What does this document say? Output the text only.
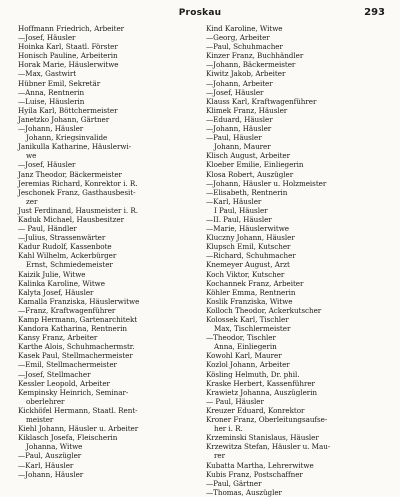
Proskau	293
Hoffmann Friedrich, Arbeiter
—Josef, Häusler
Hoinka Karl, Staatl. Förster
Honisch Pauline, Arbeiterin
Horak Marie, Häuslerwitwe
—Max, Gastwirt
Hübner Emil, Sekretär
—Anna, Rentnerin
—Luise, Häuslerin
Hyila Karl, Böttchermeister
Janetzko Johann, Gärtner
—Johann, Häusler
Johann, Kriegsinvalide
Janikulla Katharine, Häuslerwi-
we
—Josef, Häusler
Janz Theodor, Bäckermeister
Jeremias Richard, Konrektor i. R.
Jeschonek Franz, Gasthausbesit-
zer
Just Ferdinand, Hausmeister i. R.
Kaduk Michael, Hausbesitzer
— Paul, Händler
—Julius, Strassenwärter
Kadur Rudolf, Kassenbote
Kahl Wilhelm, Ackerbürger
Ernst, Schmiedemeister
Kaizik Julie, Witwe
Kalinka Karoline, Witwe
Kalyta Josef, Häusler
Kamalla Franziska, Häuslerwitwe
—Franz, Kraftwagenführer
Kamp Hermann, Gartenarchitekt
Kandora Katharina, Rentnerin
Kansy Franz, Arbeiter
Karthe Alois, Schuhmachermstr.
Kasek Paul, Stellmachermeister
—Emil, Stellmachermeister
—Josef, Stellmacher
Kessler Leopold, Arbeiter
Kempinsky Heinrich, Seminar-
oberlehrer
Kickhöfel Hermann, Staatl. Rent-
meister
Kiehl Johann, Häusler u. Arbeiter
Kiklasch Josefa, Fleischerin
Johanna, Witwe
—Paul, Auszügler
—Karl, Häusler
—Johann, Häusler
Kind Karoline, Witwe
—Georg, Arbeiter
—Paul, Schuhmacher
Kinzer Franz, Buchhändler
—Johann, Bäckermeister
Kiwitz Jakob, Arbeiter
—Johann, Arbeiter
—Josef, Häusler
Klauss Karl, Kraftwagenführer
Klimek Franz, Häusler
—Eduard, Häusler
—Johann, Häusler
—Paul, Häusler
Johann, Maurer
Klisch August, Arbeiter
Kloeber Emilie, Einliegerin
Klosa Robert, Auszügler
—Johann, Häusler u. Holzmeister
—Elisabeth, Rentnerin
—Karl, Häusler
I Paul, Häusler
—II. Paul, Häusler
—Marie, Häuslerwitwe
Kluczny Johann, Häusler
Klupsch Emil, Kutscher
—Richard, Schuhmacher
Knemeyer August, Arzt
Koch Viktor, Kutscher
Kochannek Franz, Arbeiter
Köhler Emma, Rentnerin
Koslik Franziska, Witwe
Kolloch Theodor, Ackerkutscher
Kolossek Karl, Tischler
Max, Tischlermeister
—Theodor, Tischler
Anna, Einliegerin
Kowohl Karl, Maurer
Kozlol Johann, Arbeiter
Kösling Helmuth, Dr. phil.
Kraske Herbert, Kassenführer
Krawietz Johanna, Auszüglerin
— Paul, Häusler
Kreuzer Eduard, Konrektor
Kroner Franz, Oberleitungsaufse-
her i. R.
Krzeminski Stanislaus, Häusler
Krzewitza Stefan, Häusler u. Mau-
rer
Kubatta Martha, Lehrerwitwe
Kubis Franz, Postschaffner
—Paul, Gärtner
—Thomas, Auszügler
